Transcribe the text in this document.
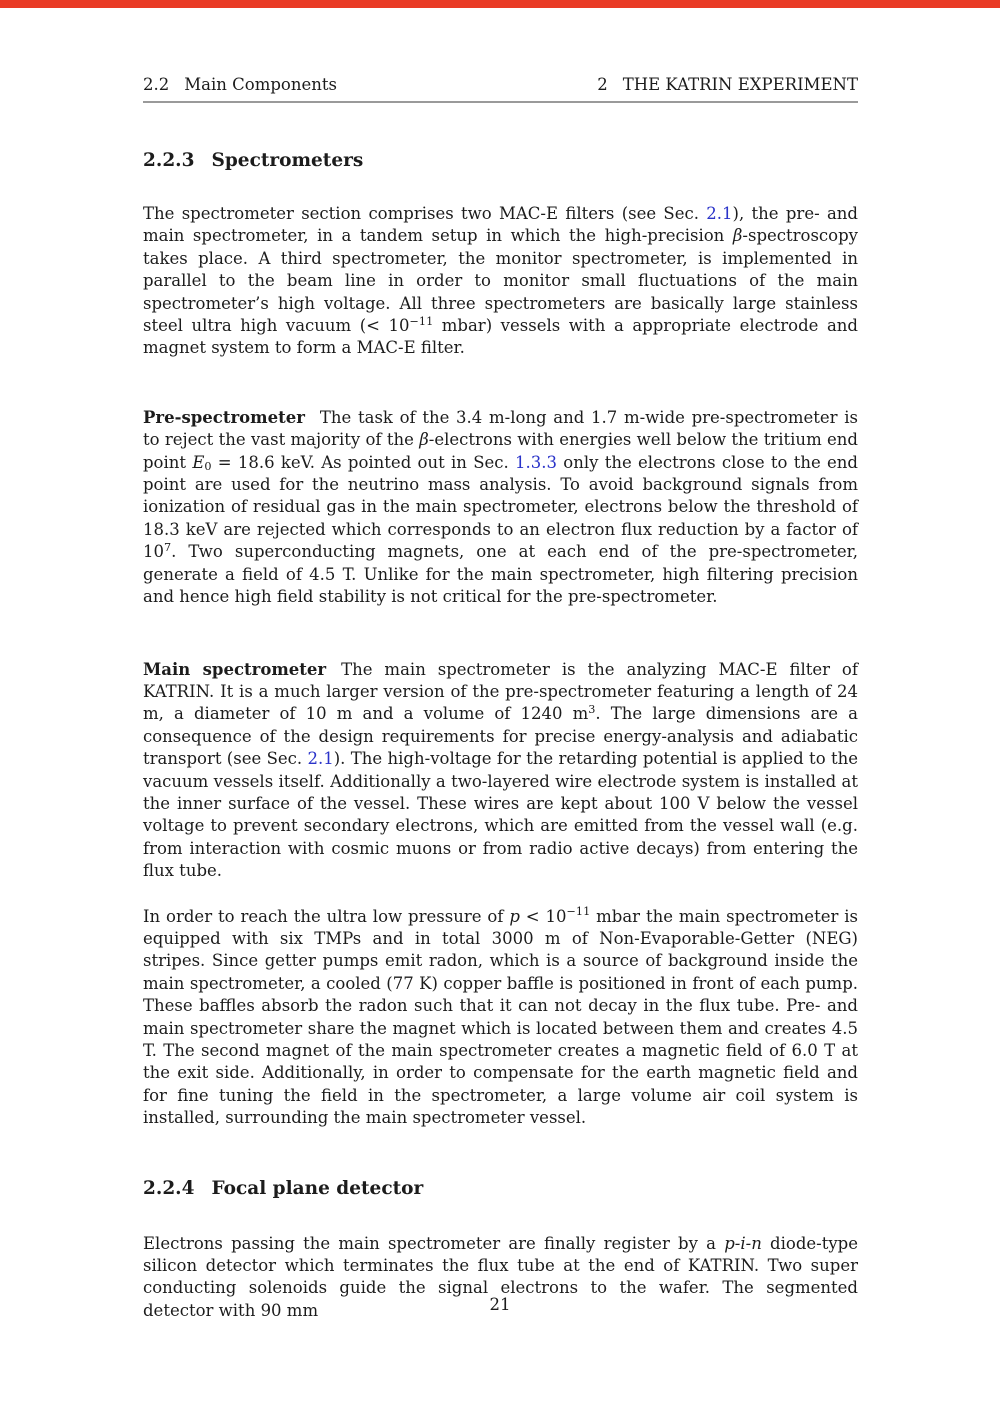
2.2 Main Components	2 THE KATRIN EXPERIMENT
2.2.3 Spectrometers

The spectrometer section comprises two MAC-E filters (see Sec. 2.1), the pre- and main spectrometer, in a tandem setup in which the high-precision β-spectroscopy takes place. A third spectrometer, the monitor spectrometer, is implemented in parallel to the beam line in order to monitor small fluctuations of the main spectrometer’s high voltage. All three spectrometers are basically large stainless steel ultra high vacuum (< $10^{-11}$ mbar) vessels with a appropriate electrode and magnet system to form a MAC-E filter.

Pre-spectrometer The task of the 3.4 m-long and 1.7 m-wide pre-spectrometer is to reject the vast majority of the β-electrons with energies well below the tritium end point $E_0 = 18.6$ keV. As pointed out in Sec. 1.3.3 only the electrons close to the end point are used for the neutrino mass analysis. To avoid background signals from ionization of residual gas in the main spectrometer, electrons below the threshold of 18.3 keV are rejected which corresponds to an electron flux reduction by a factor of $10^7$. Two superconducting magnets, one at each end of the pre-spectrometer, generate a field of 4.5 T. Unlike for the main spectrometer, high filtering precision and hence high field stability is not critical for the pre-spectrometer.

Main spectrometer The main spectrometer is the analyzing MAC-E filter of KATRIN. It is a much larger version of the pre-spectrometer featuring a length of 24 m, a diameter of 10 m and a volume of 1240 $m^3$. The large dimensions are a consequence of the design requirements for precise energy-analysis and adiabatic transport (see Sec. 2.1). The high-voltage for the retarding potential is applied to the vacuum vessels itself. Additionally a two-layered wire electrode system is installed at the inner surface of the vessel. These wires are kept about 100 V below the vessel voltage to prevent secondary electrons, which are emitted from the vessel wall (e.g. from interaction with cosmic muons or from radio active decays) from entering the flux tube.

In order to reach the ultra low pressure of $p < 10^{-11}$ mbar the main spectrometer is equipped with six TMPs and in total 3000 m of Non-Evaporable-Getter (NEG) stripes. Since getter pumps emit radon, which is a source of background inside the main spectrometer, a cooled (77 K) copper baffle is positioned in front of each pump. These baffles absorb the radon such that it can not decay in the flux tube. Pre- and main spectrometer share the magnet which is located between them and creates 4.5 T. The second magnet of the main spectrometer creates a magnetic field of 6.0 T at the exit side. Additionally, in order to compensate for the earth magnetic field and for fine tuning the field in the spectrometer, a large volume air coil system is installed, surrounding the main spectrometer vessel.

2.2.4 Focal plane detector

Electrons passing the main spectrometer are finally register by a p-i-n diode-type silicon detector which terminates the flux tube at the end of KATRIN. Two super conducting solenoids guide the signal electrons to the wafer. The segmented detector with 90 mm	21
